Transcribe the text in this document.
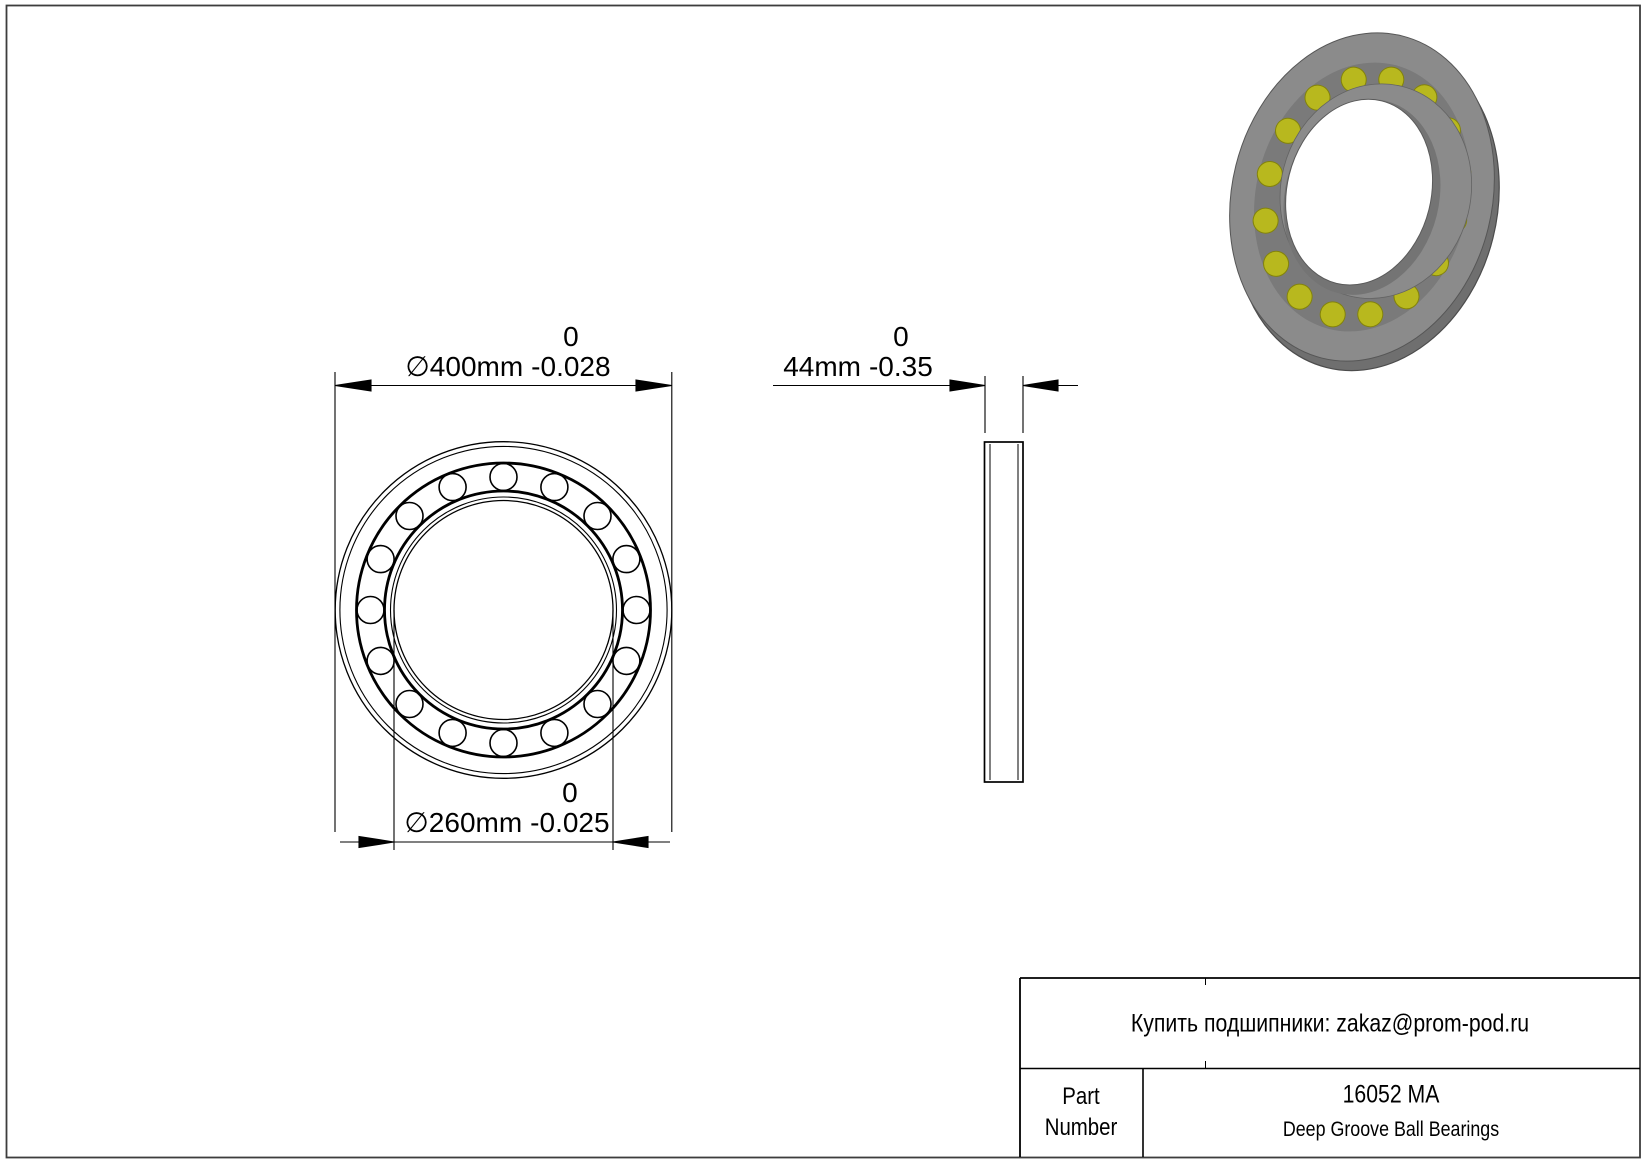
∅400mm
0
-0.028	44mm
0
-0.35
∅260mm
0
-0.025
Купить подшипники: zakaz@prom-pod.ru
Part
Number
16052 MA
Deep Groove Ball Bearings
